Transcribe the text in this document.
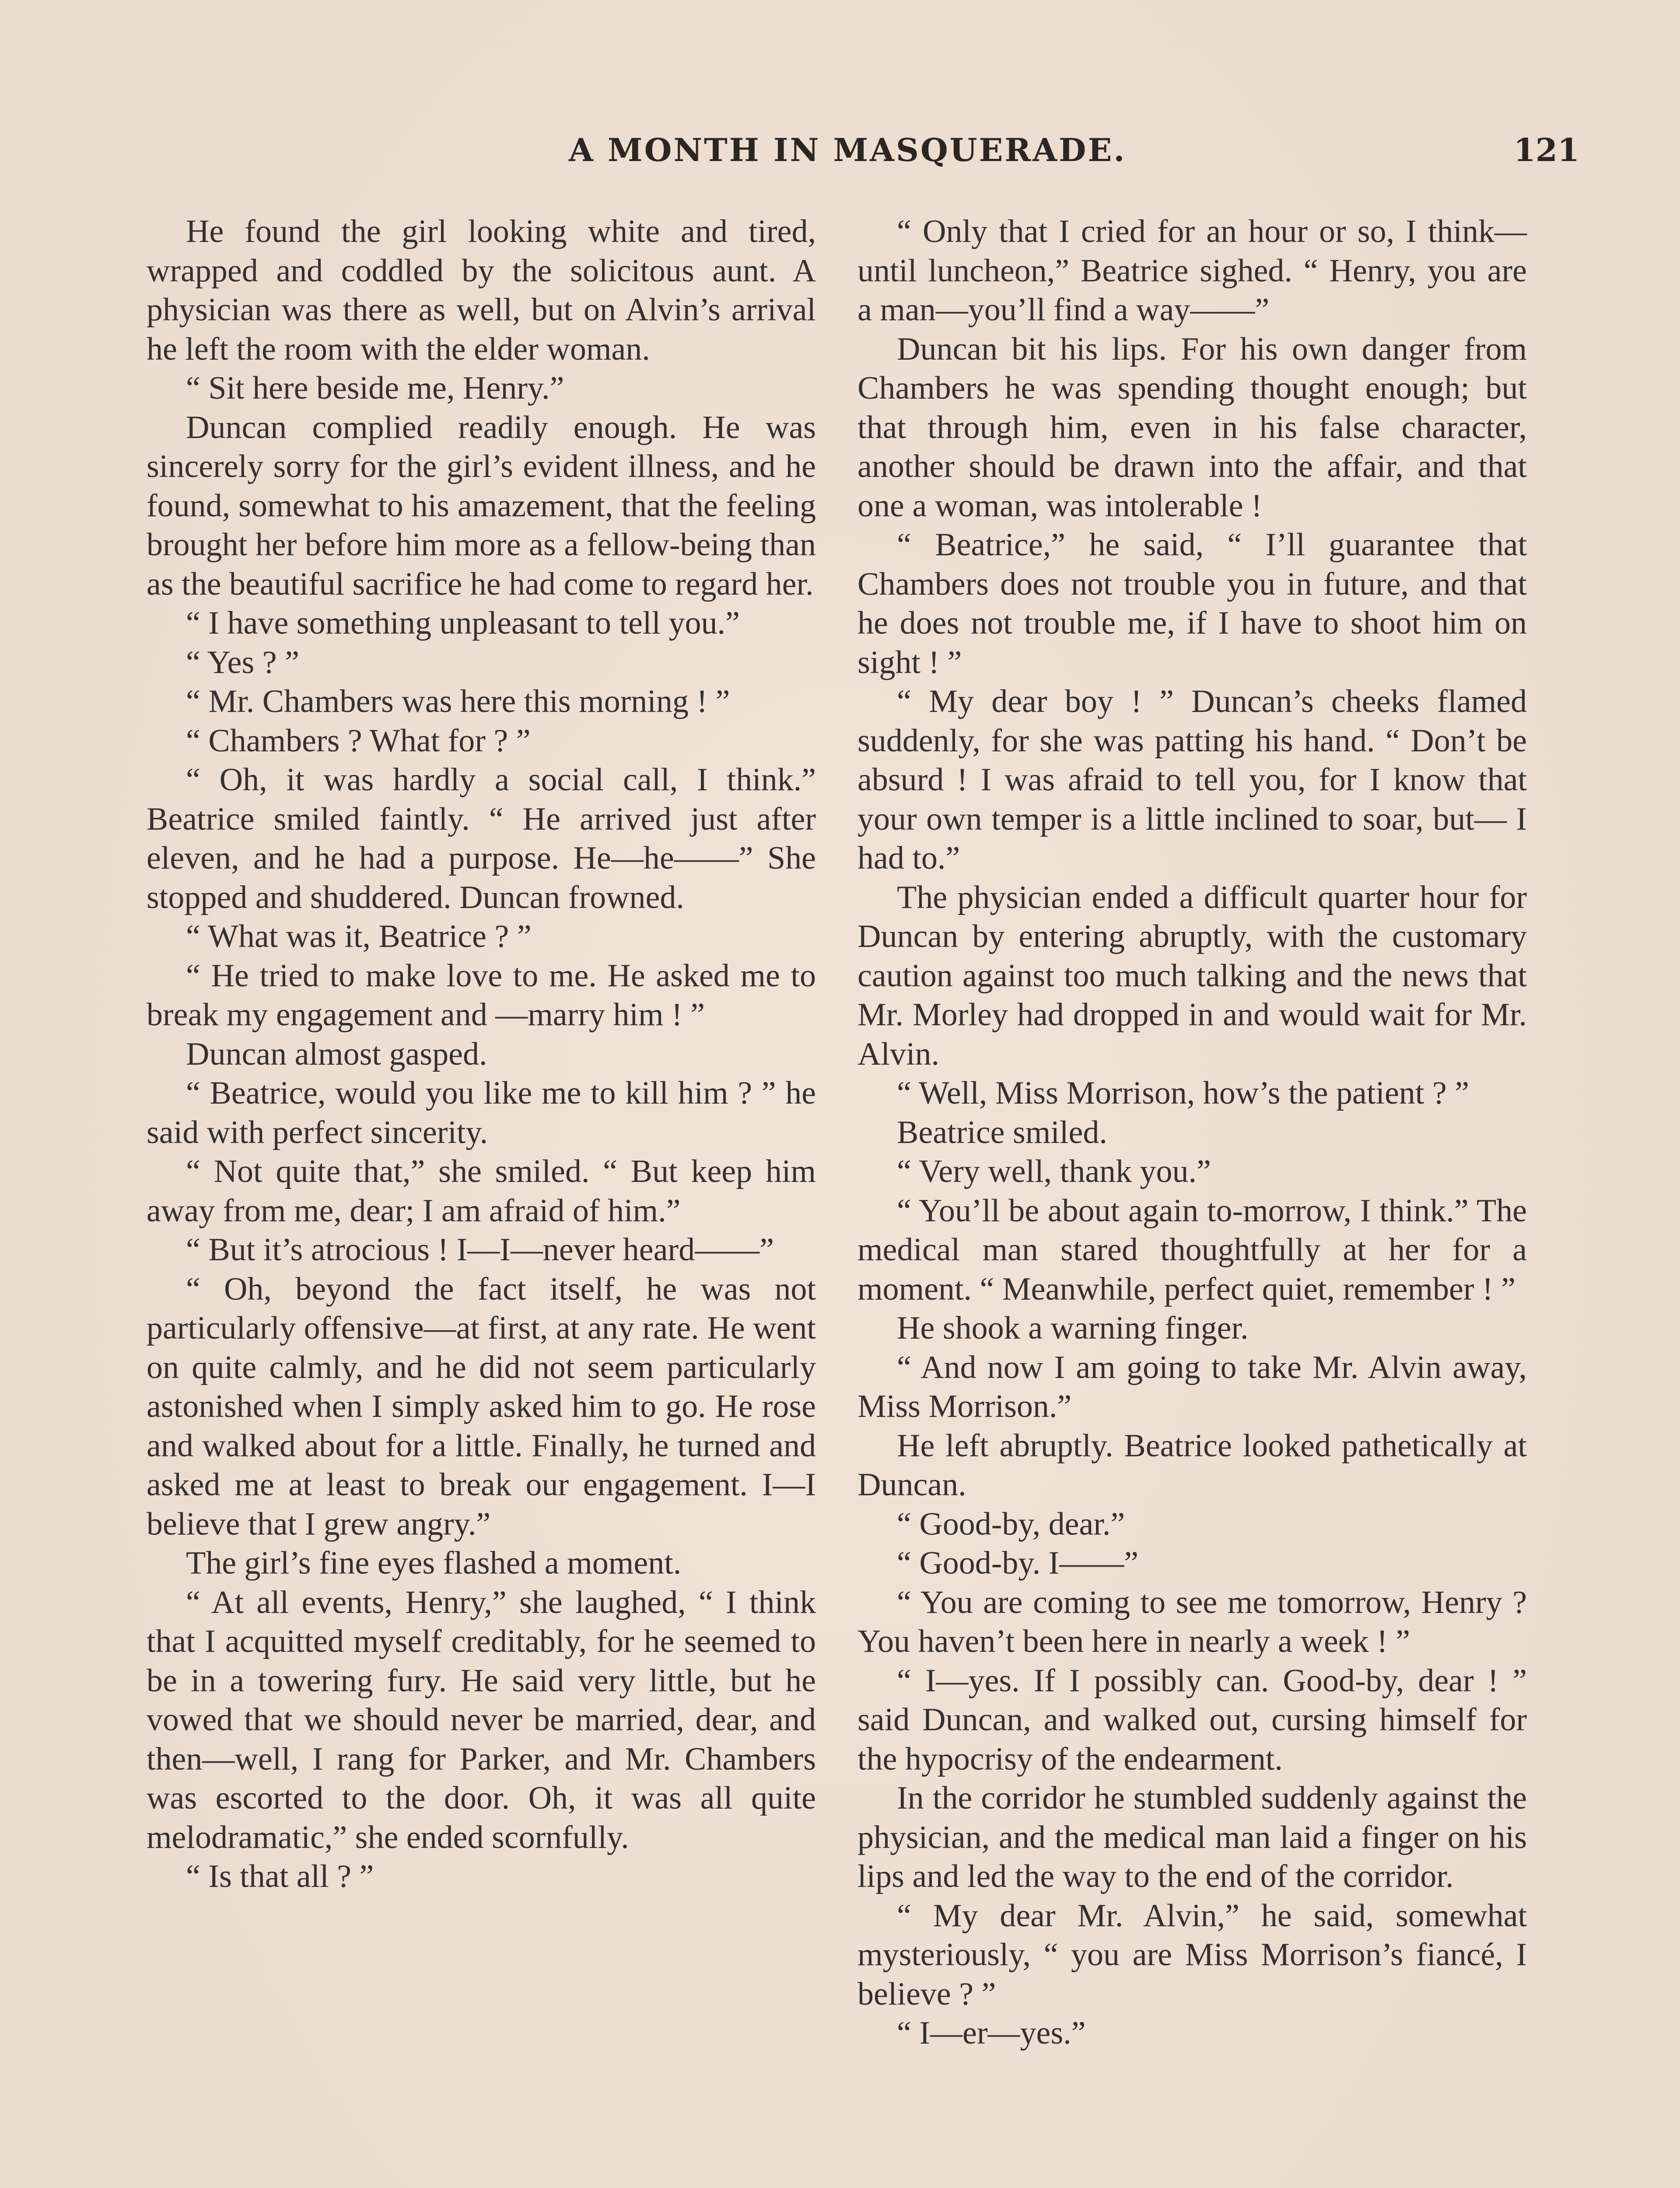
A MONTH IN MASQUERADE.	121

He found the girl looking white and tired, wrapped and coddled by the solicitous aunt. A physician was there as well, but on Alvin’s arrival he left the room with the elder woman.

“ Sit here beside me, Henry.”

Duncan complied readily enough. He was sincerely sorry for the girl’s evident illness, and he found, somewhat to his amazement, that the feeling brought her before him more as a fellow-being than as the beautiful sacrifice he had come to regard her.

“ I have something unpleasant to tell you.”

“ Yes ? ”

“ Mr. Chambers was here this morning ! ”

“ Chambers ? What for ? ”

“ Oh, it was hardly a social call, I think.” Beatrice smiled faintly. “ He arrived just after eleven, and he had a purpose. He—he——” She stopped and shuddered. Duncan frowned.

“ What was it, Beatrice ? ”

“ He tried to make love to me. He asked me to break my engagement and —marry him ! ”

Duncan almost gasped.

“ Beatrice, would you like me to kill him ? ” he said with perfect sincerity.

“ Not quite that,” she smiled. “ But keep him away from me, dear; I am afraid of him.”

“ But it’s atrocious ! I—I—never heard——”

“ Oh, beyond the fact itself, he was not particularly offensive—at first, at any rate. He went on quite calmly, and he did not seem particularly astonished when I simply asked him to go. He rose and walked about for a little. Finally, he turned and asked me at least to break our engagement. I—I believe that I grew angry.”

The girl’s fine eyes flashed a moment.

“ At all events, Henry,” she laughed, “ I think that I acquitted myself creditably, for he seemed to be in a towering fury. He said very little, but he vowed that we should never be married, dear, and then—well, I rang for Parker, and Mr. Chambers was escorted to the door. Oh, it was all quite melodramatic,” she ended scornfully.

“ Is that all ? ”

“ Only that I cried for an hour or so, I think—until luncheon,” Beatrice sighed. “ Henry, you are a man—you’ll find a way——”

Duncan bit his lips. For his own danger from Chambers he was spending thought enough; but that through him, even in his false character, another should be drawn into the affair, and that one a woman, was intolerable !

“ Beatrice,” he said, “ I’ll guarantee that Chambers does not trouble you in future, and that he does not trouble me, if I have to shoot him on sight ! ”

“ My dear boy ! ” Duncan’s cheeks flamed suddenly, for she was patting his hand. “ Don’t be absurd ! I was afraid to tell you, for I know that your own temper is a little inclined to soar, but— I had to.”

The physician ended a difficult quarter hour for Duncan by entering abruptly, with the customary caution against too much talking and the news that Mr. Morley had dropped in and would wait for Mr. Alvin.

“ Well, Miss Morrison, how’s the patient ? ”

Beatrice smiled.

“ Very well, thank you.”

“ You’ll be about again to-morrow, I think.” The medical man stared thoughtfully at her for a moment. “ Meanwhile, perfect quiet, remember ! ”

He shook a warning finger.

“ And now I am going to take Mr. Alvin away, Miss Morrison.”

He left abruptly. Beatrice looked pathetically at Duncan.

“ Good-by, dear.”

“ Good-by. I——”

“ You are coming to see me tomorrow, Henry ? You haven’t been here in nearly a week ! ”

“ I—yes. If I possibly can. Good-by, dear ! ” said Duncan, and walked out, cursing himself for the hypocrisy of the endearment.

In the corridor he stumbled suddenly against the physician, and the medical man laid a finger on his lips and led the way to the end of the corridor.

“ My dear Mr. Alvin,” he said, somewhat mysteriously, “ you are Miss Morrison’s fiancé, I believe ? ”

“ I—er—yes.”
